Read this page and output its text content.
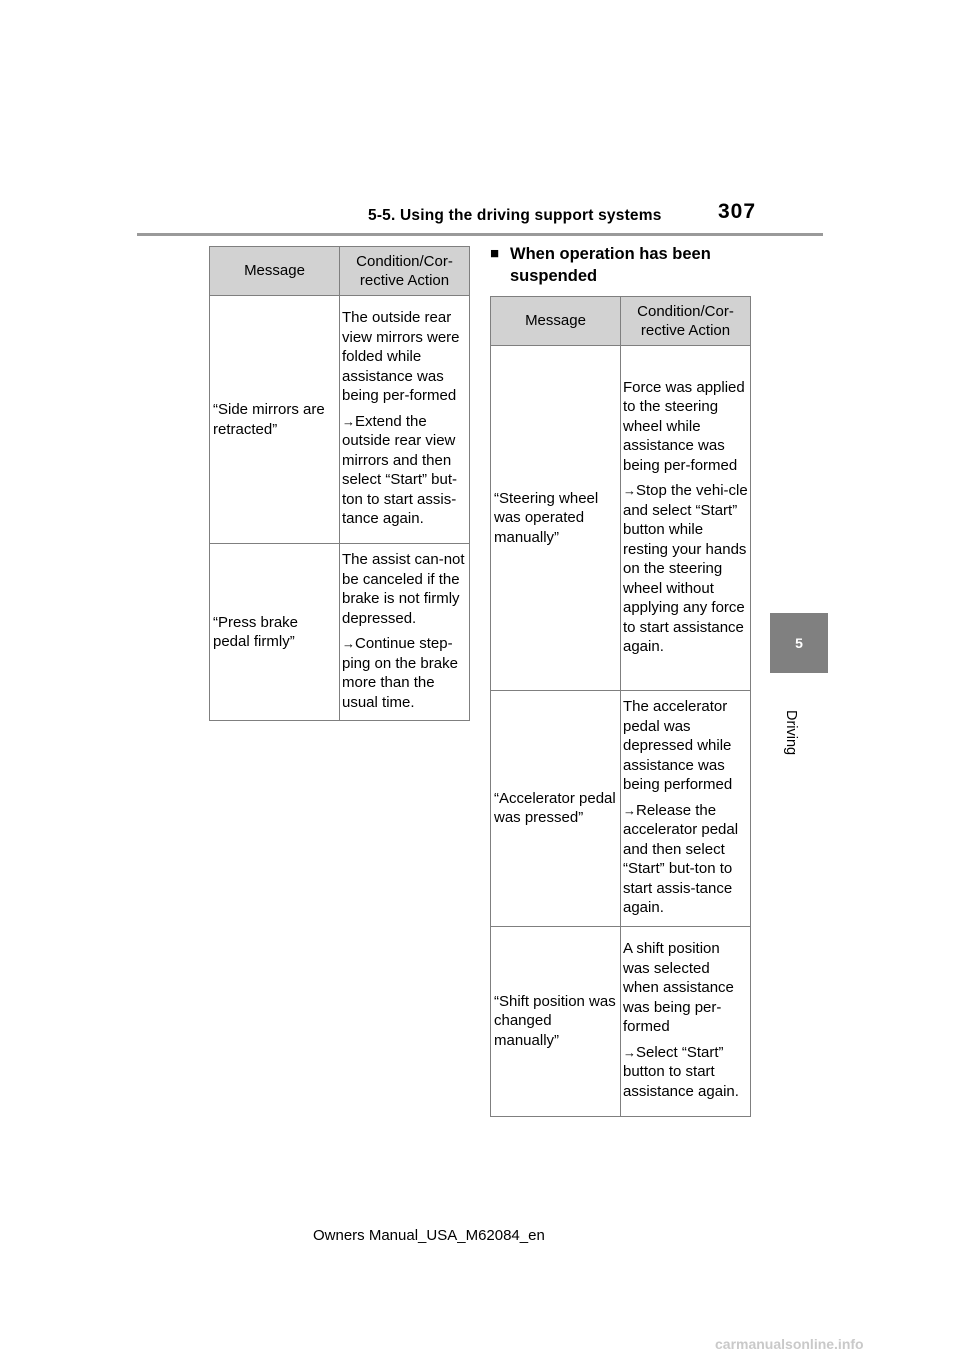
5-5. Using the driving support systems	307
5
Driving
Message	Condition/Cor-
rective Action

“Side mirrors are retracted”	The outside rear view mirrors were folded while assistance was being per-formed

→Extend the outside rear view mirrors and then select “Start” but-ton to start assis-tance again.

“Press brake pedal firmly”	The assist can-not be canceled if the brake is not firmly depressed.

→Continue step-ping on the brake more than the usual time.

■ When operation has been suspended
Message	Condition/Cor-
rective Action

“Steering wheel was operated manually”	Force was applied to the steering wheel while assistance was being per-formed

→Stop the vehi-cle and select “Start” button while resting your hands on the steering wheel without applying any force to start assistance again.

“Accelerator pedal was pressed”	The accelerator pedal was depressed while assistance was being performed

→Release the accelerator pedal and then select “Start” but-ton to start assis-tance again.

“Shift position was changed manually”	A shift position was selected when assistance was being per-formed

→Select “Start” button to start assistance again.

Owners Manual_USA_M62084_en
carmanualsonline.info
